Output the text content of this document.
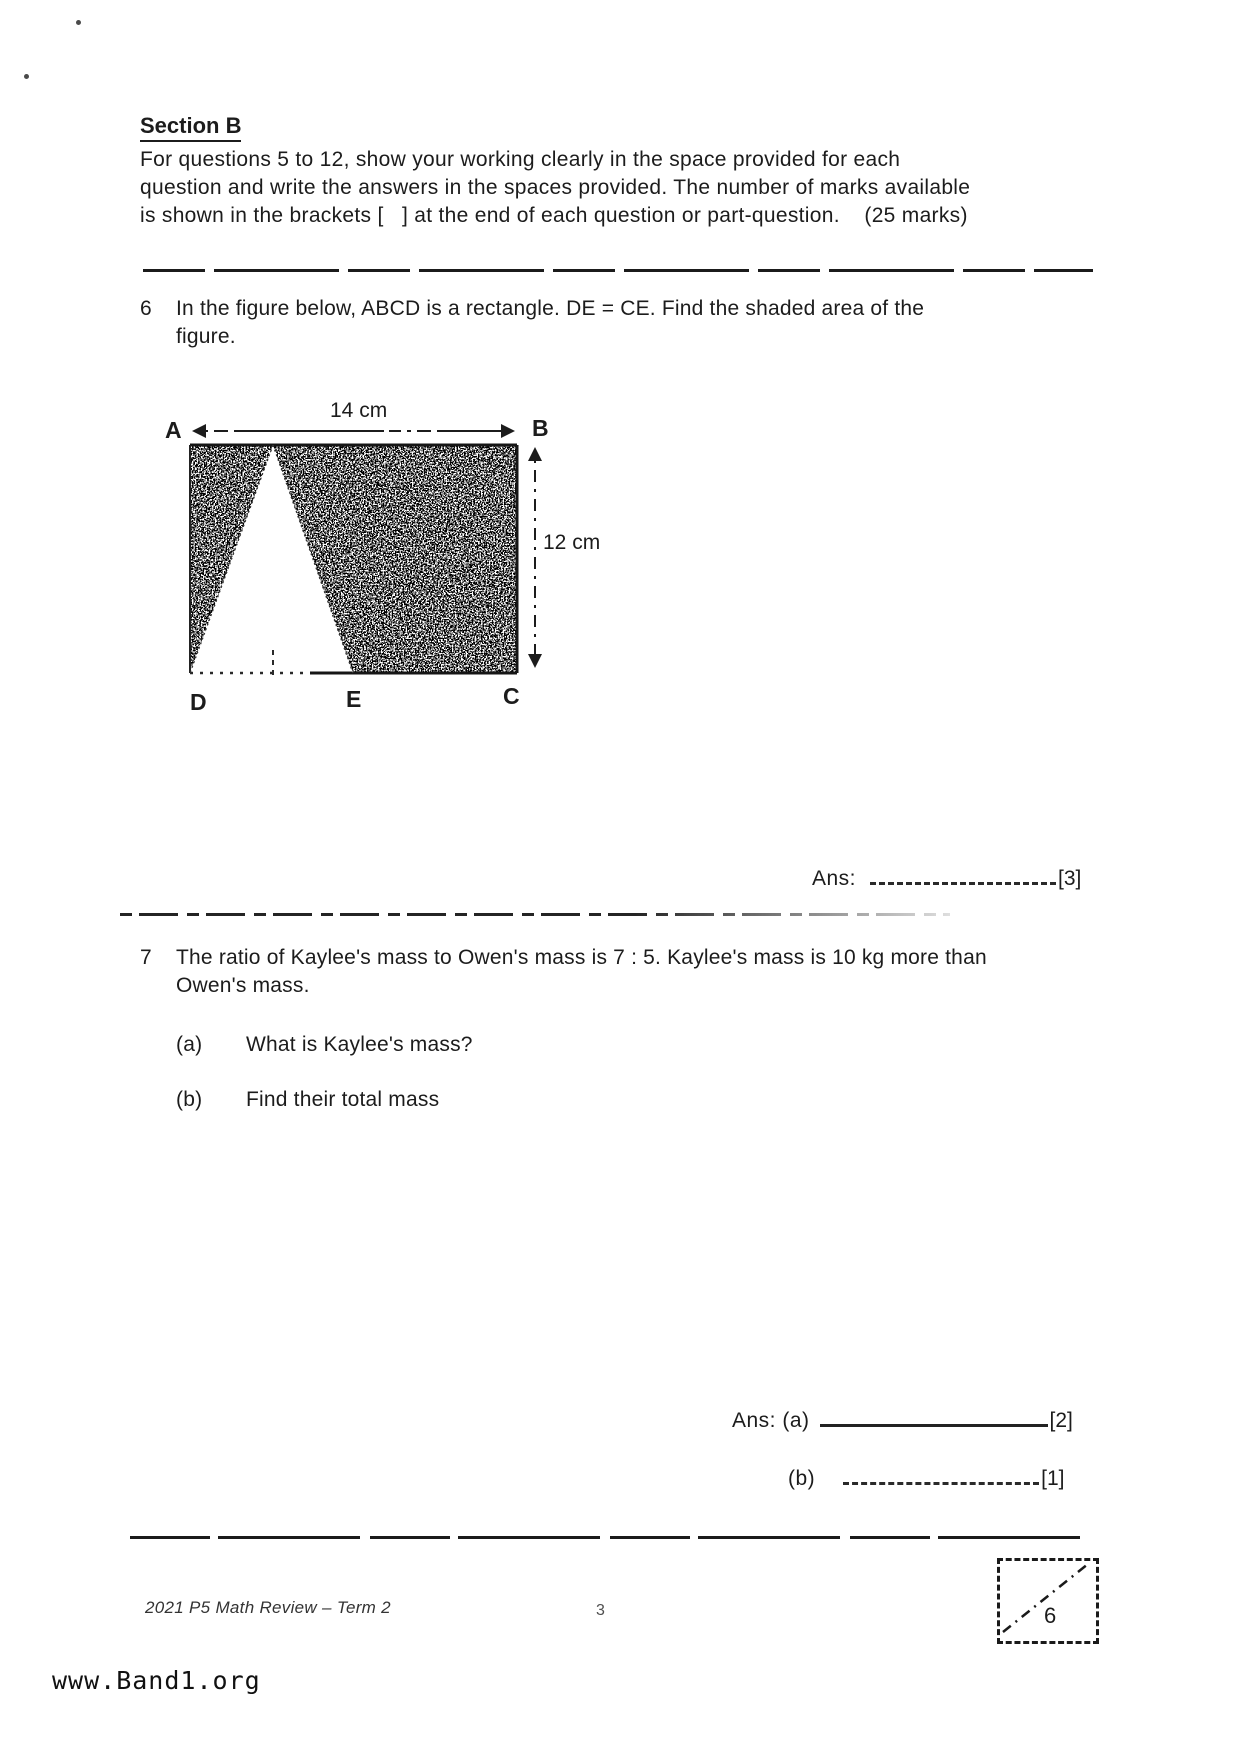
Section B
For questions 5 to 12, show your working clearly in the space provided for each
question and write the answers in the spaces provided. The number of marks available
is shown in the brackets [   ] at the end of each question or part-question.    (25 marks)
6	In the figure below, ABCD is a rectangle. DE = CE. Find the shaded area of the
figure.
14 cm
12 cm
A	B
D	E	C
Ans:	[3]
7	The ratio of Kaylee's mass to Owen's mass is 7 : 5. Kaylee's mass is 10 kg more than
Owen's mass.
(a)	What is Kaylee's mass?
(b)	Find their total mass
Ans: (a)	[2]
(b)	[1]
2021 P5 Math Review – Term 2	3	6
www.Band1.org
